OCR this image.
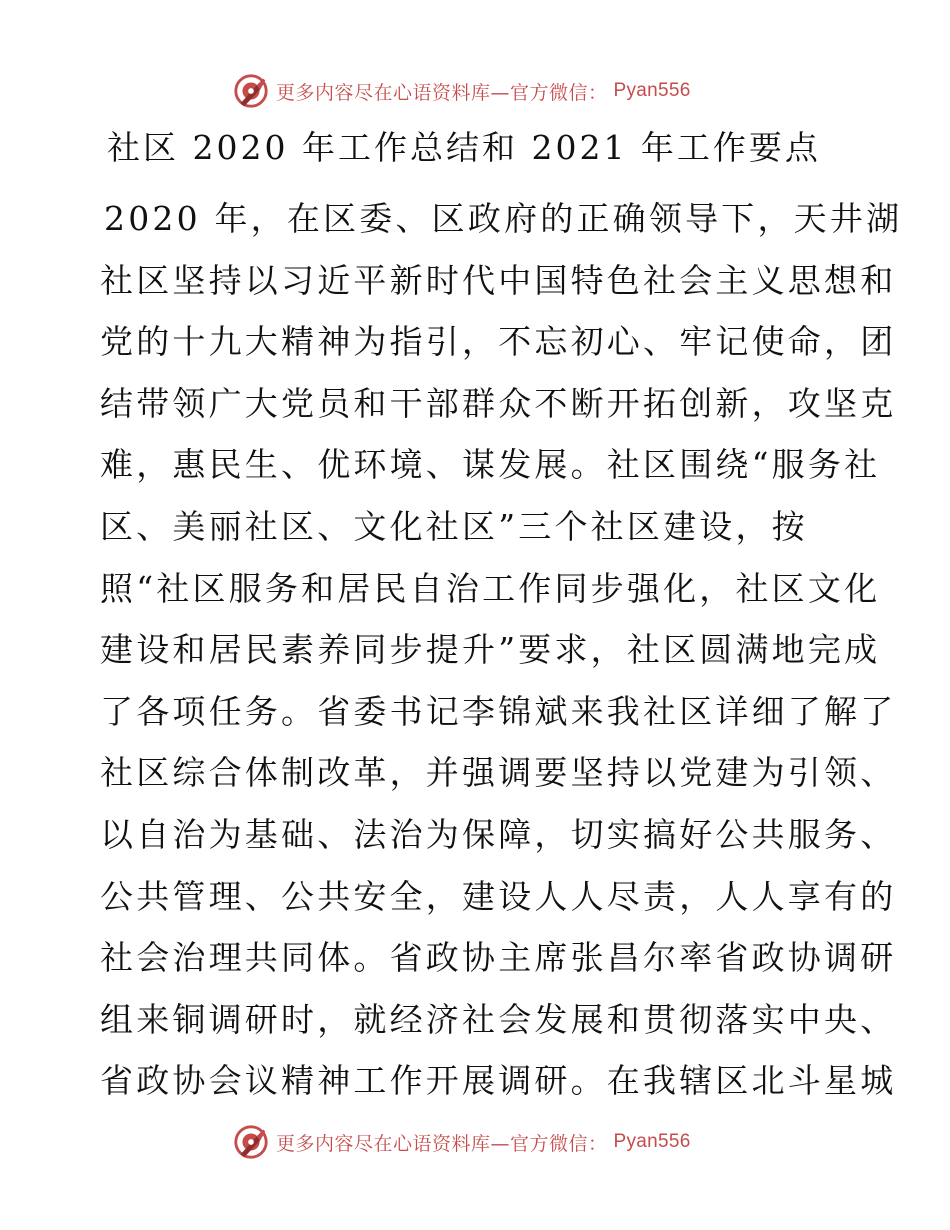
更多内容尽在心语资料库—官方微信： Pyan556
社区 2020 年工作总结和 2021 年工作要点
2020 年，在区委、区政府的正确领导下，天井湖
社区坚持以习近平新时代中国特色社会主义思想和
党的十九大精神为指引，不忘初心、牢记使命，团
结带领广大党员和干部群众不断开拓创新，攻坚克
难，惠民生、优环境、谋发展。社区围绕“服务社
区、美丽社区、文化社区”三个社区建设，按
照“社区服务和居民自治工作同步强化，社区文化
建设和居民素养同步提升”要求，社区圆满地完成
了各项任务。省委书记李锦斌来我社区详细了解了
社区综合体制改革，并强调要坚持以党建为引领、
以自治为基础、法治为保障，切实搞好公共服务、
公共管理、公共安全，建设人人尽责，人人享有的
社会治理共同体。省政协主席张昌尔率省政协调研
组来铜调研时，就经济社会发展和贯彻落实中央、
省政协会议精神工作开展调研。在我辖区北斗星城
更多内容尽在心语资料库—官方微信： Pyan556
